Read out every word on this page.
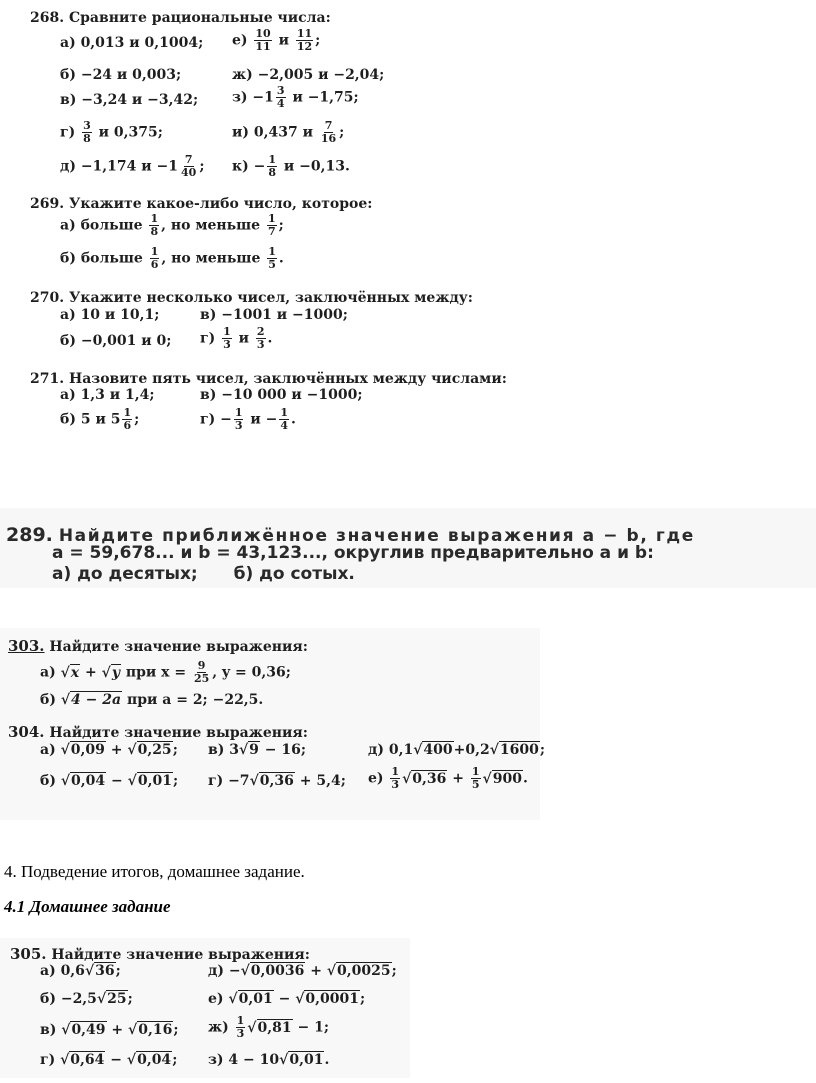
268. Сравните рациональные числа:
а) 0,013 и 0,1004; $е) \frac{10}{11}$ и $\frac{11}{12}$ ;
б) −24 и 0,003;	ж) −2,005 и −2,04;
в) −3,24 и −3,42; $з) -1 \frac{3}{4}$ и −1,75;
$г) \frac{3}{8}$ и 0,375;	и) 0,437 и $\frac{7}{16}$ ;
д) −1,174 $и -1 \frac{7}{40}$ ; $к) - \frac{1}{8}$ и −0,13.
269. Укажите какое-либо число, которое:
а) больше $\frac{1}{8}$ , но меньше $\frac{1}{7}$ ;
б) больше $\frac{1}{6}$ , но меньше $\frac{1}{5}$ .
270. Укажите несколько чисел, заключённых между:
а) 10 и 10,1;	в) −1001 и −1000;
б) −0,001 и 0; $г) \frac{1}{3}$ и $\frac{2}{3}$ .
271. Назовите пять чисел, заключённых между числами:
а) 1,3 и 1,4;	в) −10 000 и −1000;
б) 5 и $5 \frac{1}{6}$ ;	$г) - \frac{1}{3}$ $и - \frac{1}{4}$ .
289. Найдите приближённое значение выражения a − b, где
a = 59,678... и b = 43,123..., округлив предварительно a и b:
а) до десятых; б) до сотых.
303. Найдите значение выражения:
а) √ x + √ y при $x = \frac{9}{25}$ , y = 0,36;
б) √ 4 − 2a при a = 2; −22,5.
304. Найдите значение выражения:
а) √ 0,09 + √ 0,25; в) 3 √ 9 − 16;	д) 0,1 √ 400+0,2 √ 1600;
б) √ 0,04 − √ 0,01; г) −7 √ 0,36 + 5,4; $е) \frac{1}{3}$ √ $0,36 + \frac{1}{5}$ √ 900.
4. Подведение итогов, домашнее задание.
4.1 Домашнее задание
305. Найдите значение выражения:
а) 0,6 √ 36;	д) − √ 0,0036 + √ 0,0025;
б) −2,5 √ 25;	е) √ 0,01 − √ 0,0001;
в) √ 0,49 + √ 0,16; $ж) \frac{1}{3}$ √ 0,81 − 1;
г) √ 0,64 − √ 0,04; з) 4 − 10 √ 0,01.
